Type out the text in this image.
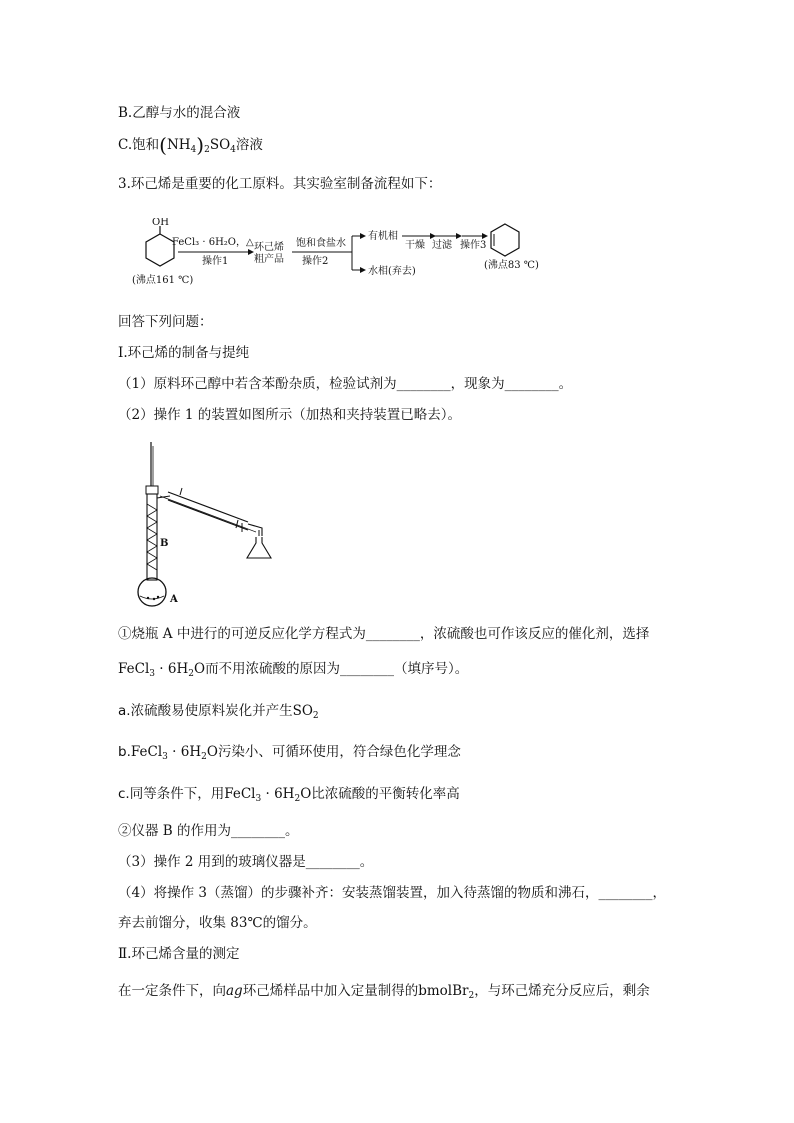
B.乙醇与水的混合液
C.饱和$(NH_4)_2SO_4$溶液
3.环己烯是重要的化工原料。其实验室制备流程如下：
OH
(沸点161 ℃)
FeCl₃ · 6H₂O，△
操作1
环己烯
粗产品
饱和食盐水
操作2
有机相
水相(弃去)
干燥 过滤 操作3
(沸点83 ℃)
回答下列问题：
Ⅰ.环己烯的制备与提纯
（1）原料环己醇中若含苯酚杂质，检验试剂为________，现象为________。
（2）操作 1 的装置如图所示（加热和夹持装置已略去）。
B
A
①烧瓶 A 中进行的可逆反应化学方程式为________，浓硫酸也可作该反应的催化剂，选择
FeCl$_3$ · $6H_2O$而不用浓硫酸的原因为________（填序号）。
a.浓硫酸易使原料炭化并产生$SO_2$
b.FeCl$_3$ · $6H_2O$污染小、可循环使用，符合绿色化学理念
c.同等条件下，用FeCl$_3$ · $6H_2O$比浓硫酸的平衡转化率高
②仪器 B 的作用为________。
（3）操作 2 用到的玻璃仪器是________。
（4）将操作 3（蒸馏）的步骤补齐：安装蒸馏装置，加入待蒸馏的物质和沸石，________，
弃去前馏分，收集 83℃的馏分。
Ⅱ.环己烯含量的测定
在一定条件下，向ag环己烯样品中加入定量制得的bmolBr$_2$，与环己烯充分反应后，剩余
